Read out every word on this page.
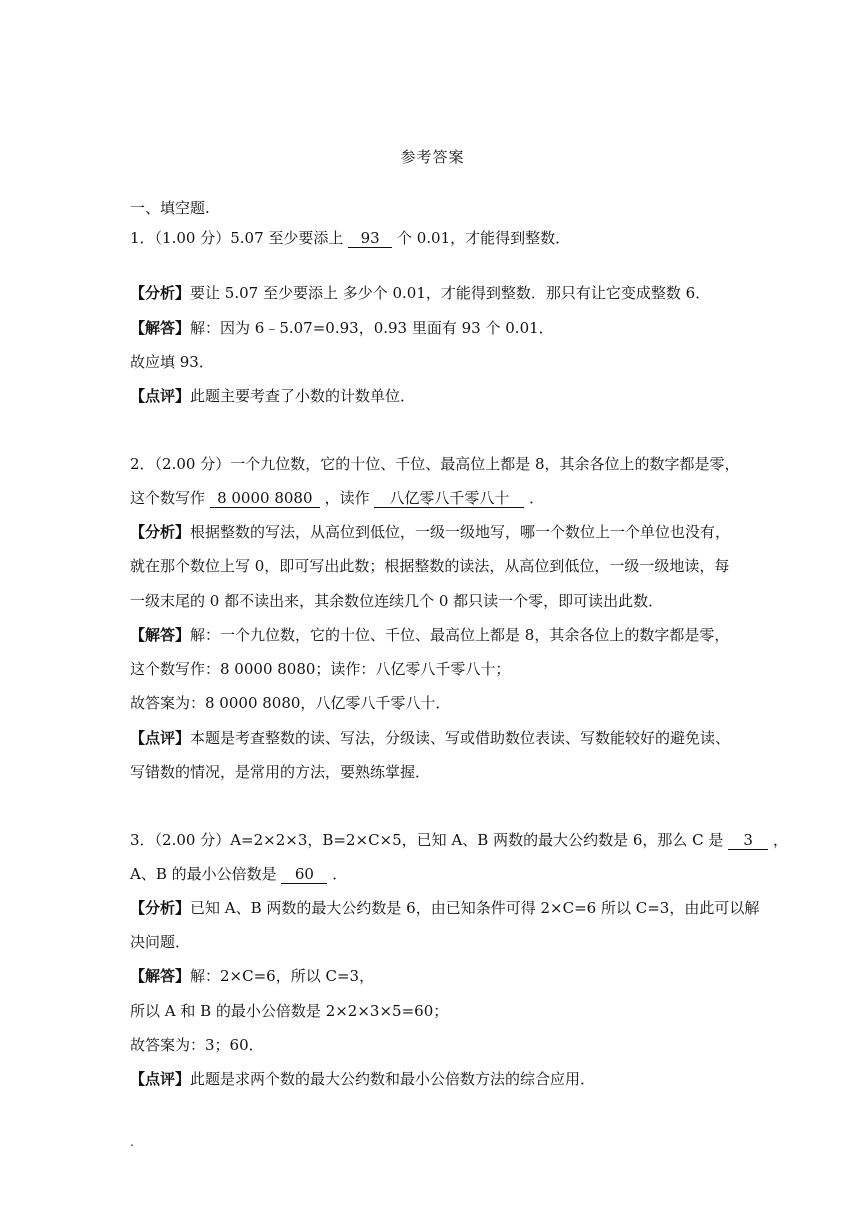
参考答案
一、填空题.
1．（1.00 分）5.07 至少要添上 93 个 0.01，才能得到整数．
【分析】要让 5.07 至少要添上 多少个 0.01，才能得到整数．那只有让它变成整数 6．
【解答】解：因为 6﹣5.07=0.93，0.93 里面有 93 个 0.01．
故应填 93．
【点评】此题主要考查了小数的计数单位．
2．（2.00 分）一个九位数，它的十位、千位、最高位上都是 8，其余各位上的数字都是零，
这个数写作 8 0000 8080 ，读作 八亿零八千零八十 ．
【分析】根据整数的写法，从高位到低位，一级一级地写，哪一个数位上一个单位也没有，
就在那个数位上写 0，即可写出此数；根据整数的读法，从高位到低位，一级一级地读，每
一级末尾的 0 都不读出来，其余数位连续几个 0 都只读一个零，即可读出此数．
【解答】解：一个九位数，它的十位、千位、最高位上都是 8，其余各位上的数字都是零，
这个数写作：8 0000 8080；读作：八亿零八千零八十；
故答案为：8 0000 8080，八亿零八千零八十．
【点评】本题是考查整数的读、写法，分级读、写或借助数位表读、写数能较好的避免读、
写错数的情况，是常用的方法，要熟练掌握．
3．（2.00 分）A=2×2×3，B=2×C×5，已知 A、B 两数的最大公约数是 6，那么 C 是 3 ，
A、B 的最小公倍数是 60 ．
【分析】已知 A、B 两数的最大公约数是 6，由已知条件可得 2×C=6 所以 C=3，由此可以解
决问题．
【解答】解：2×C=6，所以 C=3，
所以 A 和 B 的最小公倍数是 2×2×3×5=60；
故答案为：3；60．
【点评】此题是求两个数的最大公约数和最小公倍数方法的综合应用．
.
